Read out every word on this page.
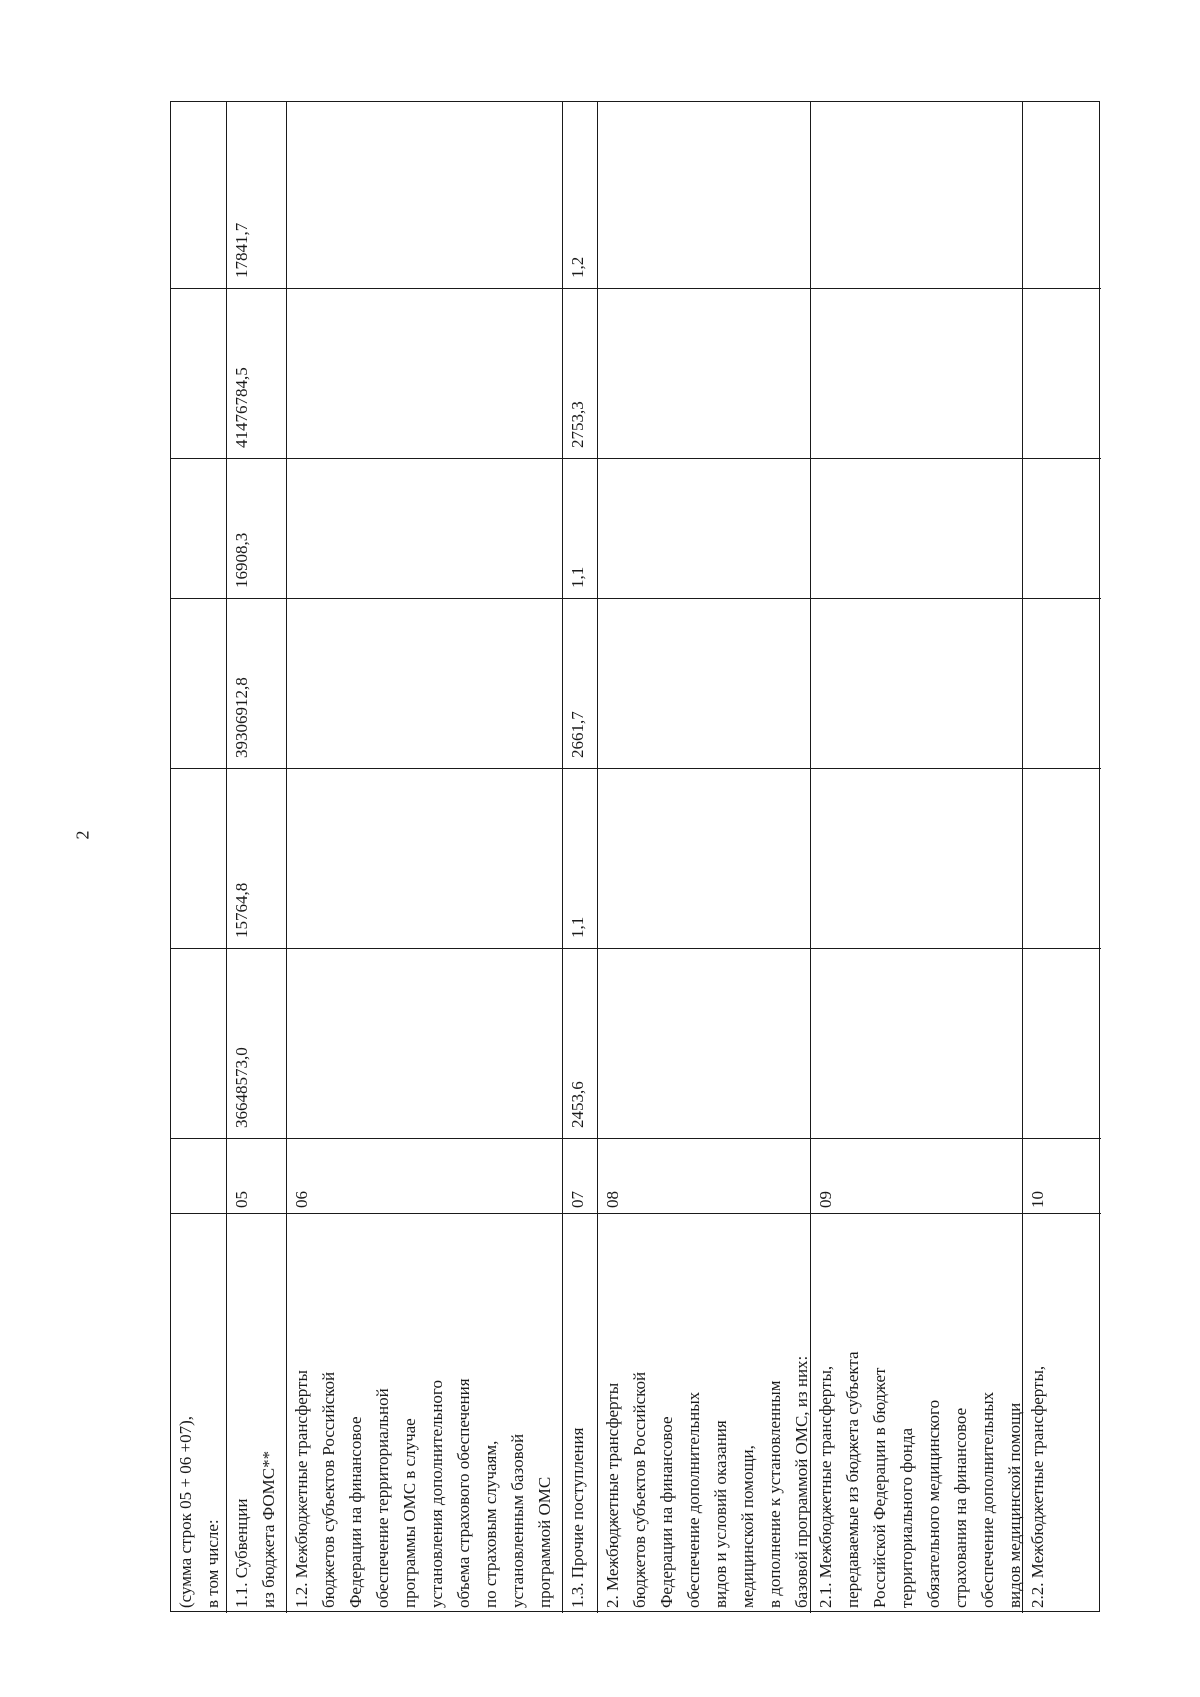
2
(сумма строк 05 + 06 +07), в том числе: 1.1. Субвенции из бюджета ФОМС**
05
36648573,0
15764,8
39306912,8
16908,3
41476784,5
17841,7
1.2. Межбюджетные трансферты бюджетов субъектов Российской Федерации на финансовое обеспечение территориальной программы ОМС в случае установления дополнительного объема страхового обеспечения по страховым случаям, установленным базовой программой ОМС
06
1.3. Прочие поступления
07
2453,6
1,1
2661,7
1,1
2753,3
1,2
2. Межбюджетные трансферты бюджетов субъектов Российской Федерации на финансовое обеспечение дополнительных видов и условий оказания медицинской помощи, в дополнение к установленным базовой программой ОМС, из них:
08
2.1. Межбюджетные трансферты, передаваемые из бюджета субъекта Российской Федерации в бюджет территориального фонда обязательного медицинского страхования на финансовое обеспечение дополнительных видов медицинской помощи
09
2.2. Межбюджетные трансферты,
10
